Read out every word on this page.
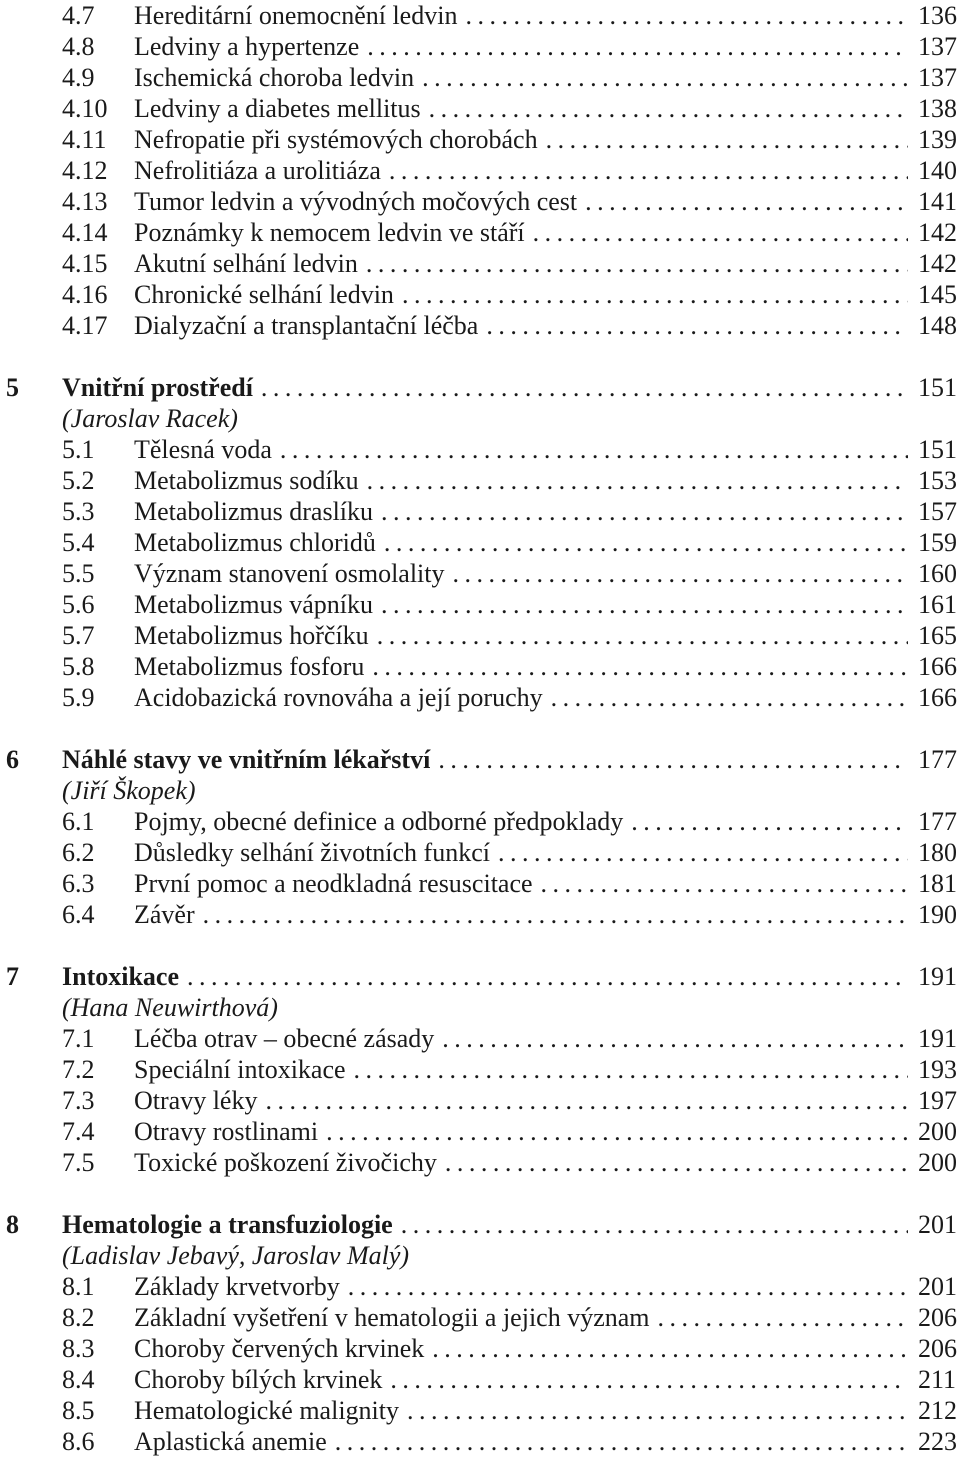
4.7 Hereditární onemocnění ledvin . . .	136
4.8 Ledviny a hypertenze . . .	137
4.9 Ischemická choroba ledvin . . .	137
4.10 Ledviny a diabetes mellitus . . .	138
4.11 Nefropatie při systémových chorobách . . .	139
4.12 Nefrolitiáza a urolitiáza . . .	140
4.13 Tumor ledvin a vývodných močových cest . . .	141
4.14 Poznámky k nemocem ledvin ve stáří . . .	142
4.15 Akutní selhání ledvin . . .	142
4.16 Chronické selhání ledvin . . .	145
4.17 Dialyzační a transplantační léčba . . .	148
5 Vnitřní prostředí . . .	151
(Jaroslav Racek)
5.1 Tělesná voda . . .	151
5.2 Metabolizmus sodíku . . .	153
5.3 Metabolizmus draslíku . . .	157
5.4 Metabolizmus chloridů . . .	159
5.5 Význam stanovení osmolality . . .	160
5.6 Metabolizmus vápníku . . .	161
5.7 Metabolizmus hořčíku . . .	165
5.8 Metabolizmus fosforu . . .	166
5.9 Acidobazická rovnováha a její poruchy . . .	166
6 Náhlé stavy ve vnitřním lékařství . . .	177
(Jiří Škopek)
6.1 Pojmy, obecné definice a odborné předpoklady . . .	177
6.2 Důsledky selhání životních funkcí . . .	180
6.3 První pomoc a neodkladná resuscitace . . .	181
6.4 Závěr . . .	190
7 Intoxikace . . .	191
(Hana Neuwirthová)
7.1 Léčba otrav – obecné zásady . . .	191
7.2 Speciální intoxikace . . .	193
7.3 Otravy léky . . .	197
7.4 Otravy rostlinami . . .	200
7.5 Toxické poškození živočichy . . .	200
8 Hematologie a transfuziologie . . .	201
(Ladislav Jebavý, Jaroslav Malý)
8.1 Základy krvetvorby . . .	201
8.2 Základní vyšetření v hematologii a jejich význam . . .	206
8.3 Choroby červených krvinek . . .	206
8.4 Choroby bílých krvinek . . .	211
8.5 Hematologické malignity . . .	212
8.6 Aplastická anemie . . .	223
